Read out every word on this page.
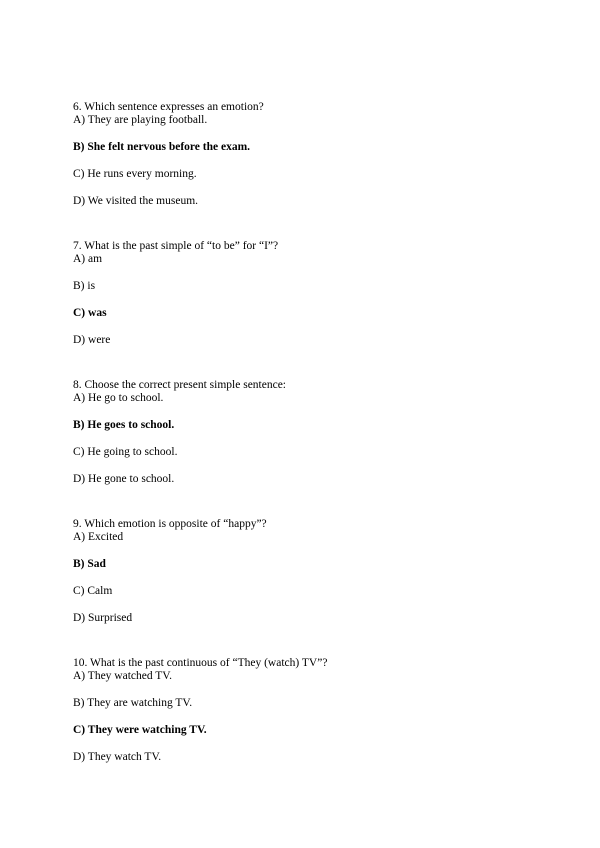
6. Which sentence expresses an emotion?
A) They are playing football.
B) She felt nervous before the exam.
C) He runs every morning.
D) We visited the museum.
7. What is the past simple of “to be” for “I”?
A) am
B) is
C) was
D) were
8. Choose the correct present simple sentence:
A) He go to school.
B) He goes to school.
C) He going to school.
D) He gone to school.
9. Which emotion is opposite of “happy”?
A) Excited
B) Sad
C) Calm
D) Surprised
10. What is the past continuous of “They (watch) TV”?
A) They watched TV.
B) They are watching TV.
C) They were watching TV.
D) They watch TV.
